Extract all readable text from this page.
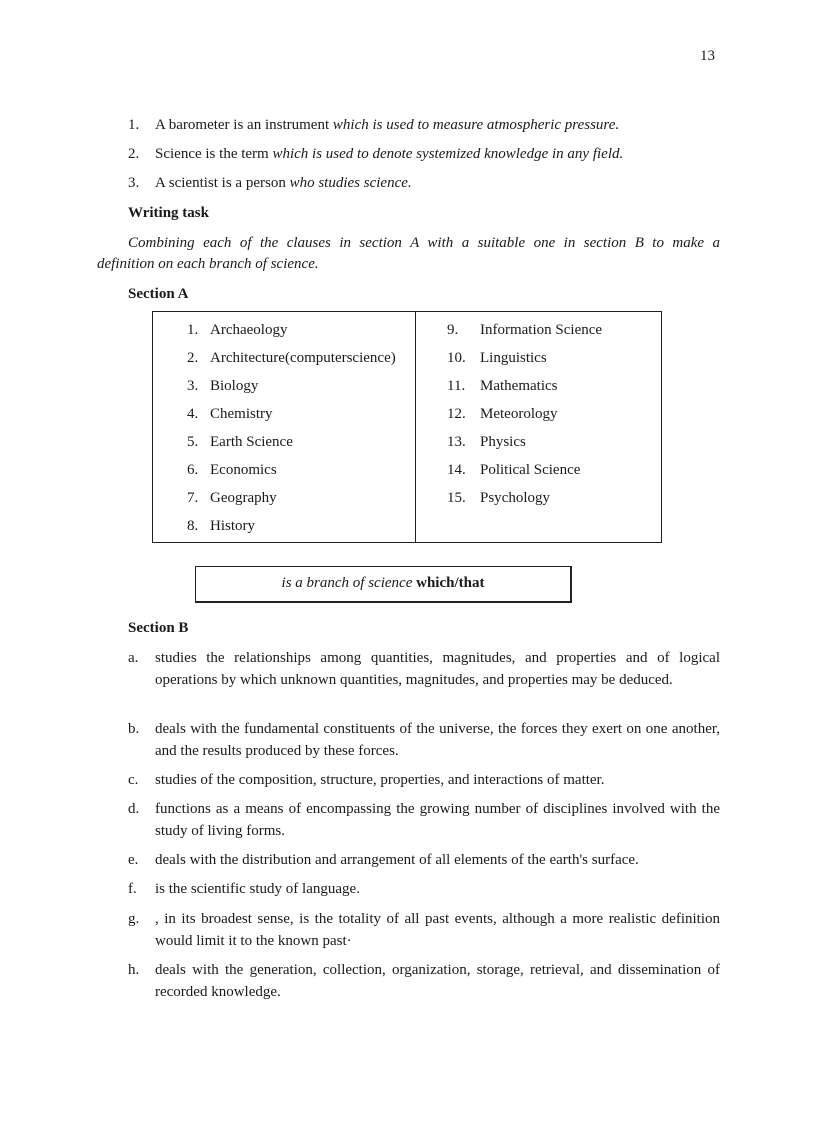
13
1. A barometer is an instrument which is used to measure atmospheric pressure.
2. Science is the term which is used to denote systemized knowledge in any field.
3. A scientist is a person who studies science.
Writing task
Combining each of the clauses in section A with a suitable one in section B to make a
definition on each branch of science.
Section A
1. Archaeology
2. Architecture(computerscience)
3. Biology
4. Chemistry
5. Earth Science
6. Economics
7. Geography
8. History
9. Information Science
10. Linguistics
11. Mathematics
12. Meteorology
13. Physics
14. Political Science
15. Psychology
is a branch of science which/that
Section B
a. studies the relationships among quantities, magnitudes, and properties and of logical operations by which unknown quantities, magnitudes, and properties may be deduced.
b. deals with the fundamental constituents of the universe, the forces they exert on one another, and the results produced by these forces.
c. studies of the composition, structure, properties, and interactions of matter.
d. functions as a means of encompassing the growing number of disciplines involved with the study of living forms.
e. deals with the distribution and arrangement of all elements of the earth's surface.
f. is the scientific study of language.
g. , in its broadest sense, is the totality of all past events, although a more realistic definition would limit it to the known past·
h. deals with the generation, collection, organization, storage, retrieval, and dissemination of recorded knowledge.
